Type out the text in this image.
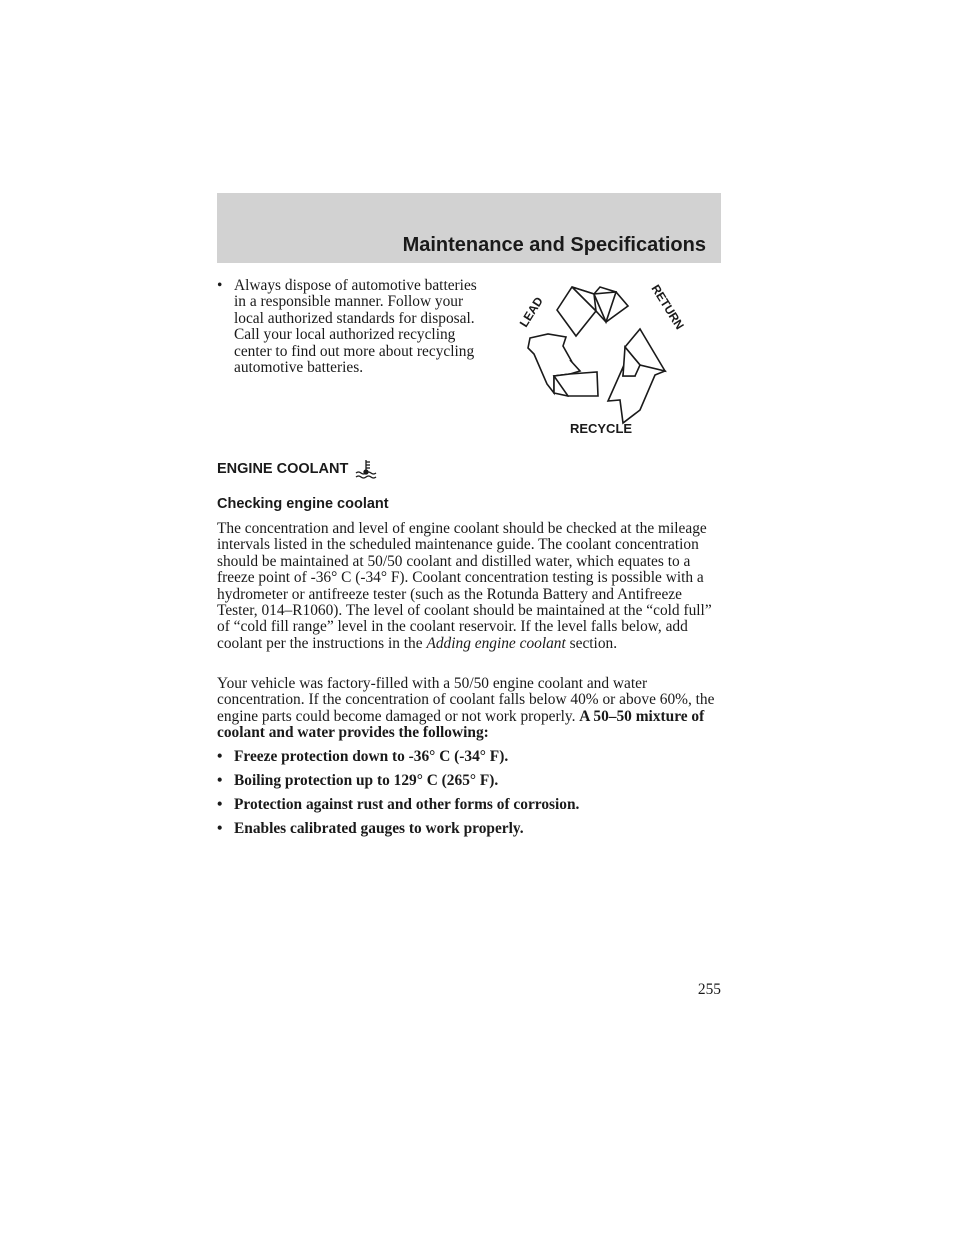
Maintenance and Specifications
• Always dispose of automotive batteries in a responsible manner. Follow your local authorized standards for disposal. Call your local authorized recycling center to find out more about recycling automotive batteries.
LEAD	RETURN
RECYCLE
ENGINE COOLANT
Checking engine coolant
The concentration and level of engine coolant should be checked at the mileage intervals listed in the scheduled maintenance guide. The coolant concentration should be maintained at 50/50 coolant and distilled water, which equates to a freeze point of -36° C (-34° F). Coolant concentration testing is possible with a hydrometer or antifreeze tester (such as the Rotunda Battery and Antifreeze Tester, 014–R1060). The level of coolant should be maintained at the “cold full” of “cold fill range” level in the coolant reservoir. If the level falls below, add coolant per the instructions in the Adding engine coolant section.
Your vehicle was factory-filled with a 50/50 engine coolant and water concentration. If the concentration of coolant falls below 40% or above 60%, the engine parts could become damaged or not work properly. A 50–50 mixture of coolant and water provides the following:
• Freeze protection down to -36° C (-34° F).
• Boiling protection up to 129° C (265° F).
• Protection against rust and other forms of corrosion.
• Enables calibrated gauges to work properly.
255
